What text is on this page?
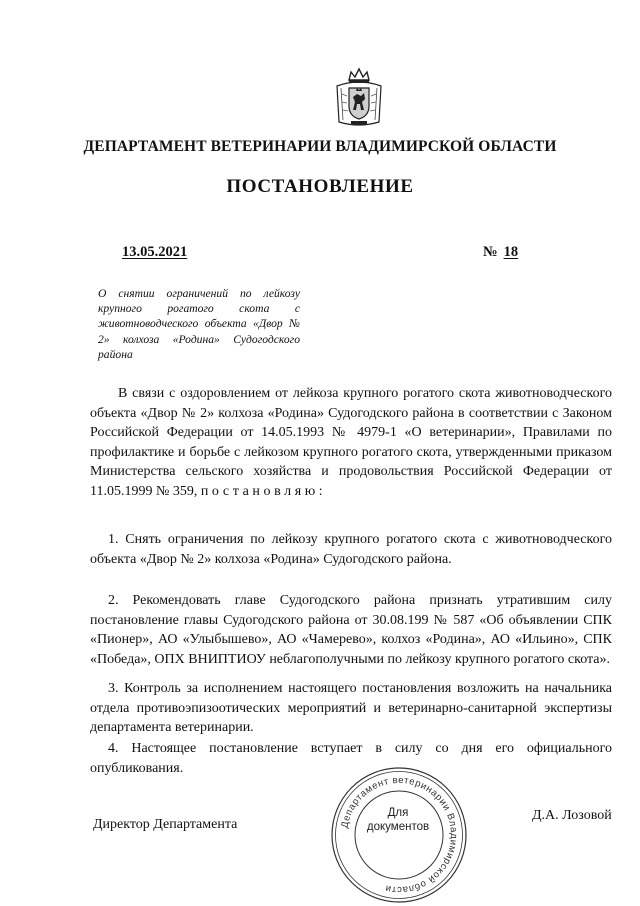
ДЕПАРТАМЕНТ ВЕТЕРИНАРИИ ВЛАДИМИРСКОЙ ОБЛАСТИ
ПОСТАНОВЛЕНИЕ
13.05.2021	№ 18
О снятии ограничений по лейкозу крупного рогатого скота с животноводческого объекта «Двор № 2» колхоза «Родина» Судогодского района
В связи с оздоровлением от лейкоза крупного рогатого скота животноводческого объекта «Двор № 2» колхоза «Родина» Судогодского района в соответствии с Законом Российской Федерации от 14.05.1993 № 4979-1 «О ветеринарии», Правилами по профилактике и борьбе с лейкозом крупного рогатого скота, утвержденными приказом Министерства сельского хозяйства и продовольствия Российской Федерации от 11.05.1999 № 359, постановляю:
1. Снять ограничения по лейкозу крупного рогатого скота с животноводческого объекта «Двор № 2» колхоза «Родина» Судогодского района.
2. Рекомендовать главе Судогодского района признать утратившим силу постановление главы Судогодского района от 30.08.199 № 587 «Об объявлении СПК «Пионер», АО «Улыбышево», АО «Чамерево», колхоз «Родина», АО «Ильино», СПК «Победа», ОПХ ВНИПТИОУ неблагополучными по лейкозу крупного рогатого скота».
3. Контроль за исполнением настоящего постановления возложить на начальника отдела противоэпизоотических мероприятий и ветеринарно-санитарной экспертизы департамента ветеринарии.
4. Настоящее постановление вступает в силу со дня его официального опубликования.
Директор Департамента
Д.А. Лозовой
Департамент ветеринарии Владимирской области
Для
документов
